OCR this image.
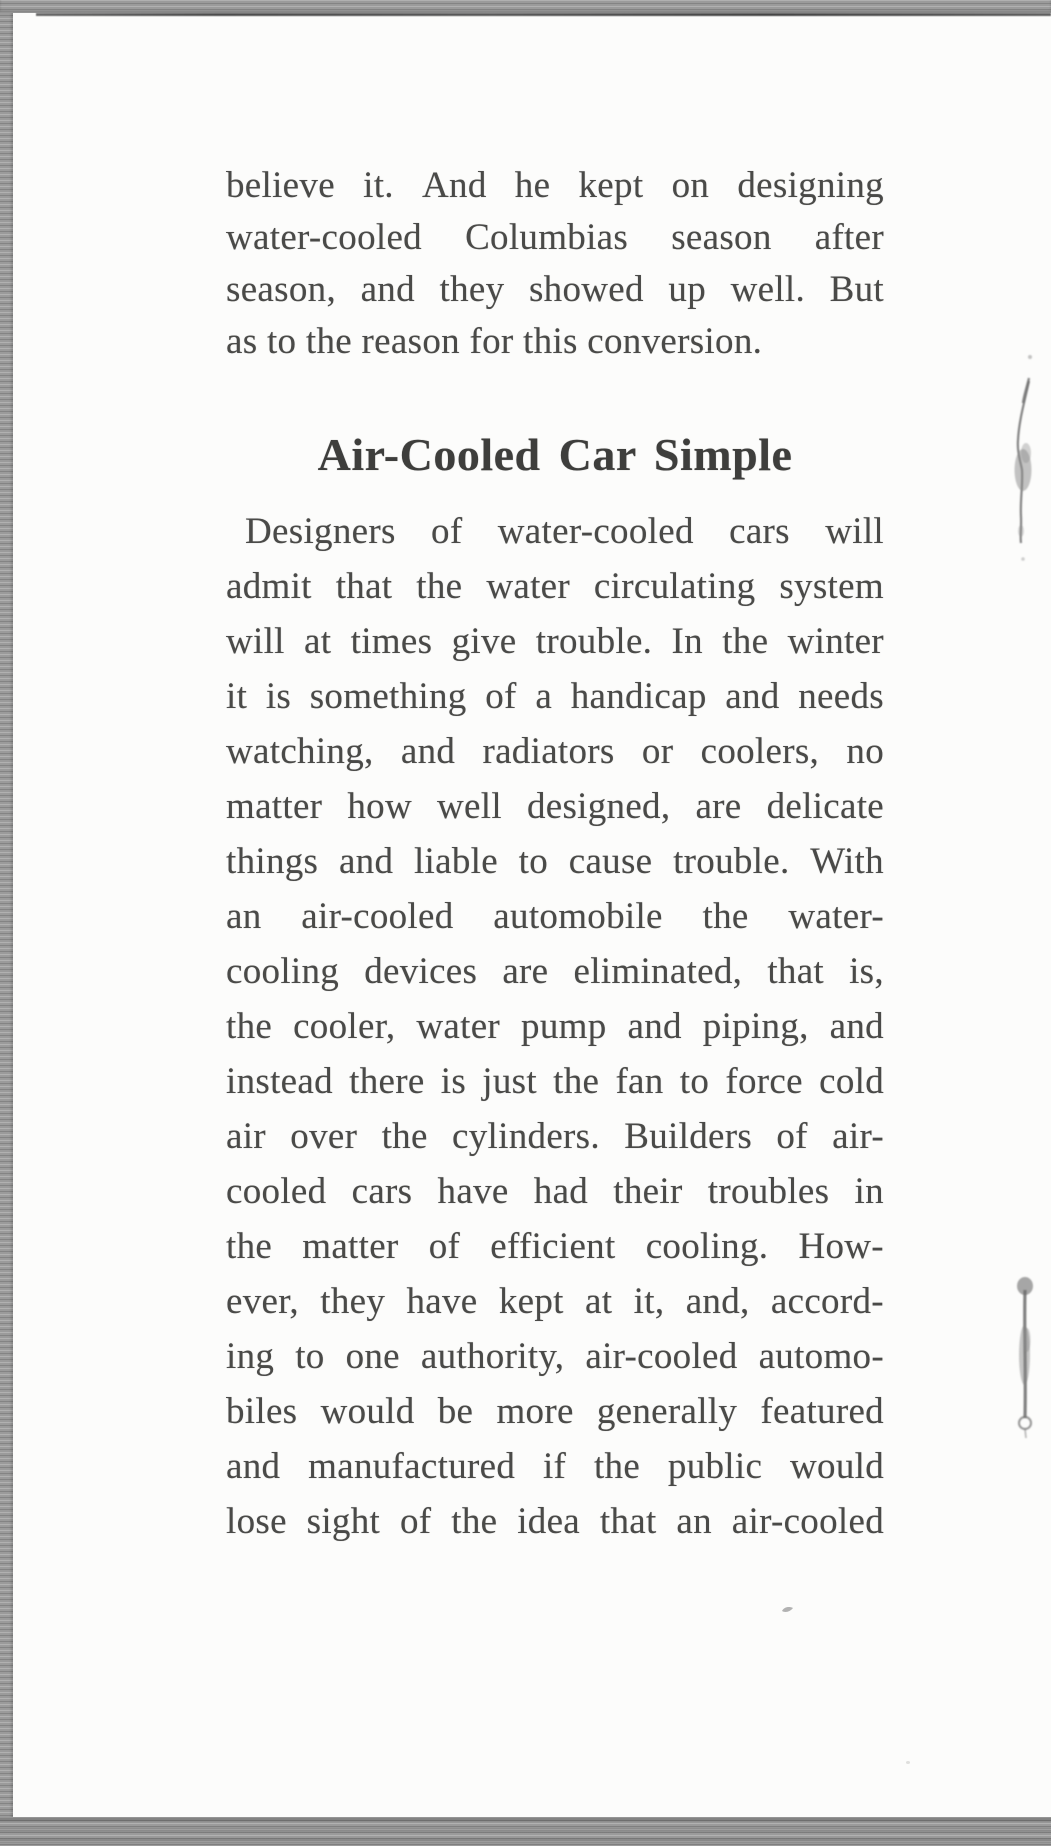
believe it. And he kept on designing
water-cooled Columbias season after
season, and they showed up well. But
as to the reason for this conversion.
Air-Cooled Car Simple
Designers of water-cooled cars will
admit that the water circulating system
will at times give trouble. In the winter
it is something of a handicap and needs
watching, and radiators or coolers, no
matter how well designed, are delicate
things and liable to cause trouble. With
an air-cooled automobile the water-
cooling devices are eliminated, that is,
the cooler, water pump and piping, and
instead there is just the fan to force cold
air over the cylinders. Builders of air-
cooled cars have had their troubles in
the matter of efficient cooling. How-
ever, they have kept at it, and, accord-
ing to one authority, air-cooled automo-
biles would be more generally featured
and manufactured if the public would
lose sight of the idea that an air-cooled
